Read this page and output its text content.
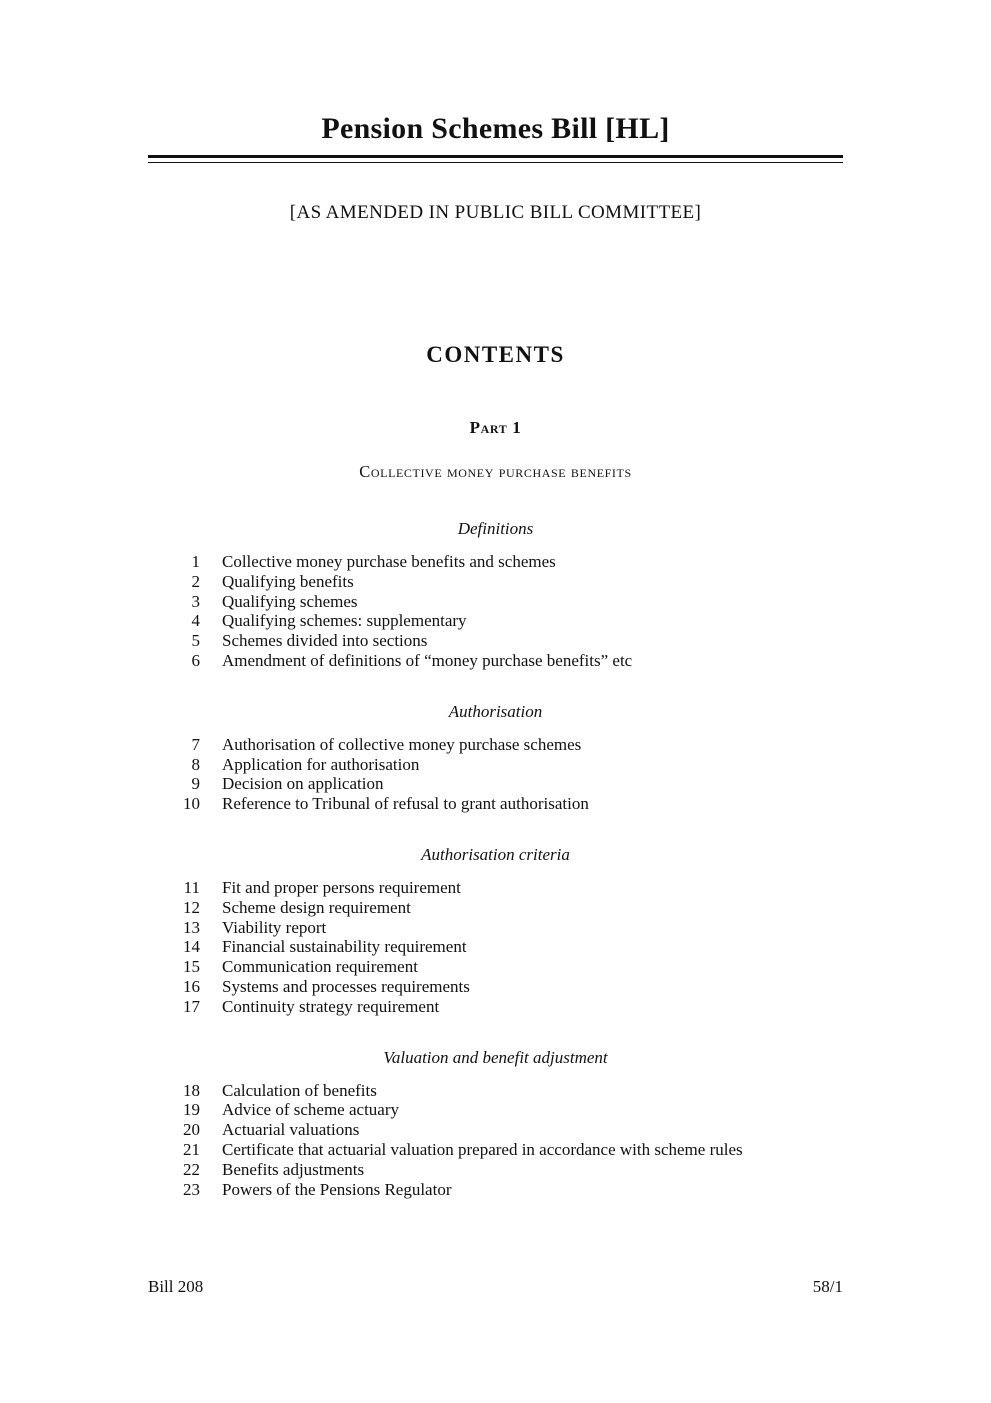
Pension Schemes Bill [HL]
[AS AMENDED IN PUBLIC BILL COMMITTEE]
CONTENTS
Part 1
Collective money purchase benefits
Definitions
1 Collective money purchase benefits and schemes
2 Qualifying benefits
3 Qualifying schemes
4 Qualifying schemes: supplementary
5 Schemes divided into sections
6 Amendment of definitions of “money purchase benefits” etc
Authorisation
7 Authorisation of collective money purchase schemes
8 Application for authorisation
9 Decision on application
10 Reference to Tribunal of refusal to grant authorisation
Authorisation criteria
11 Fit and proper persons requirement
12 Scheme design requirement
13 Viability report
14 Financial sustainability requirement
15 Communication requirement
16 Systems and processes requirements
17 Continuity strategy requirement
Valuation and benefit adjustment
18 Calculation of benefits
19 Advice of scheme actuary
20 Actuarial valuations
21 Certificate that actuarial valuation prepared in accordance with scheme rules
22 Benefits adjustments
23 Powers of the Pensions Regulator
Bill 208	58/1
